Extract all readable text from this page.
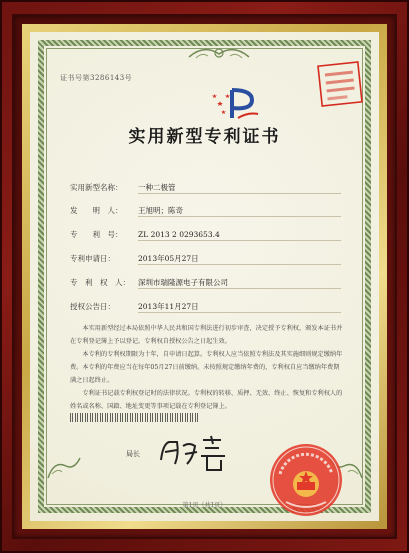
证书号第3286143号
实用新型专利证书
实用新型名称： 一种二极管
发　　明　人： 王旭明；陈奇
专　　利　号： ZL 2013 2 0293653.4
专利申请日：	2013年05月27日
专　利　权　人： 深圳市瑞隆源电子有限公司
授权公告日：	2013年11月27日

本实用新型经过本局依照中华人民共和国专利法进行初步审查，决定授予专利权，颁发本证书并在专利登记簿上予以登记。专利权自授权公告之日起生效。

本专利的专利权期限为十年，自申请日起算。专利权人应当依照专利法及其实施细则规定缴纳年费。本专利的年费应当在每年05月27日前缴纳。未按照规定缴纳年费的，专利权自应当缴纳年费期满之日起终止。

专利证书记载专利权登记时的法律状况。专利权的转移、质押、无效、终止、恢复和专利权人的姓名或名称、国籍、地址变更等事项记载在专利登记簿上。

局长
第1页（共1页）
